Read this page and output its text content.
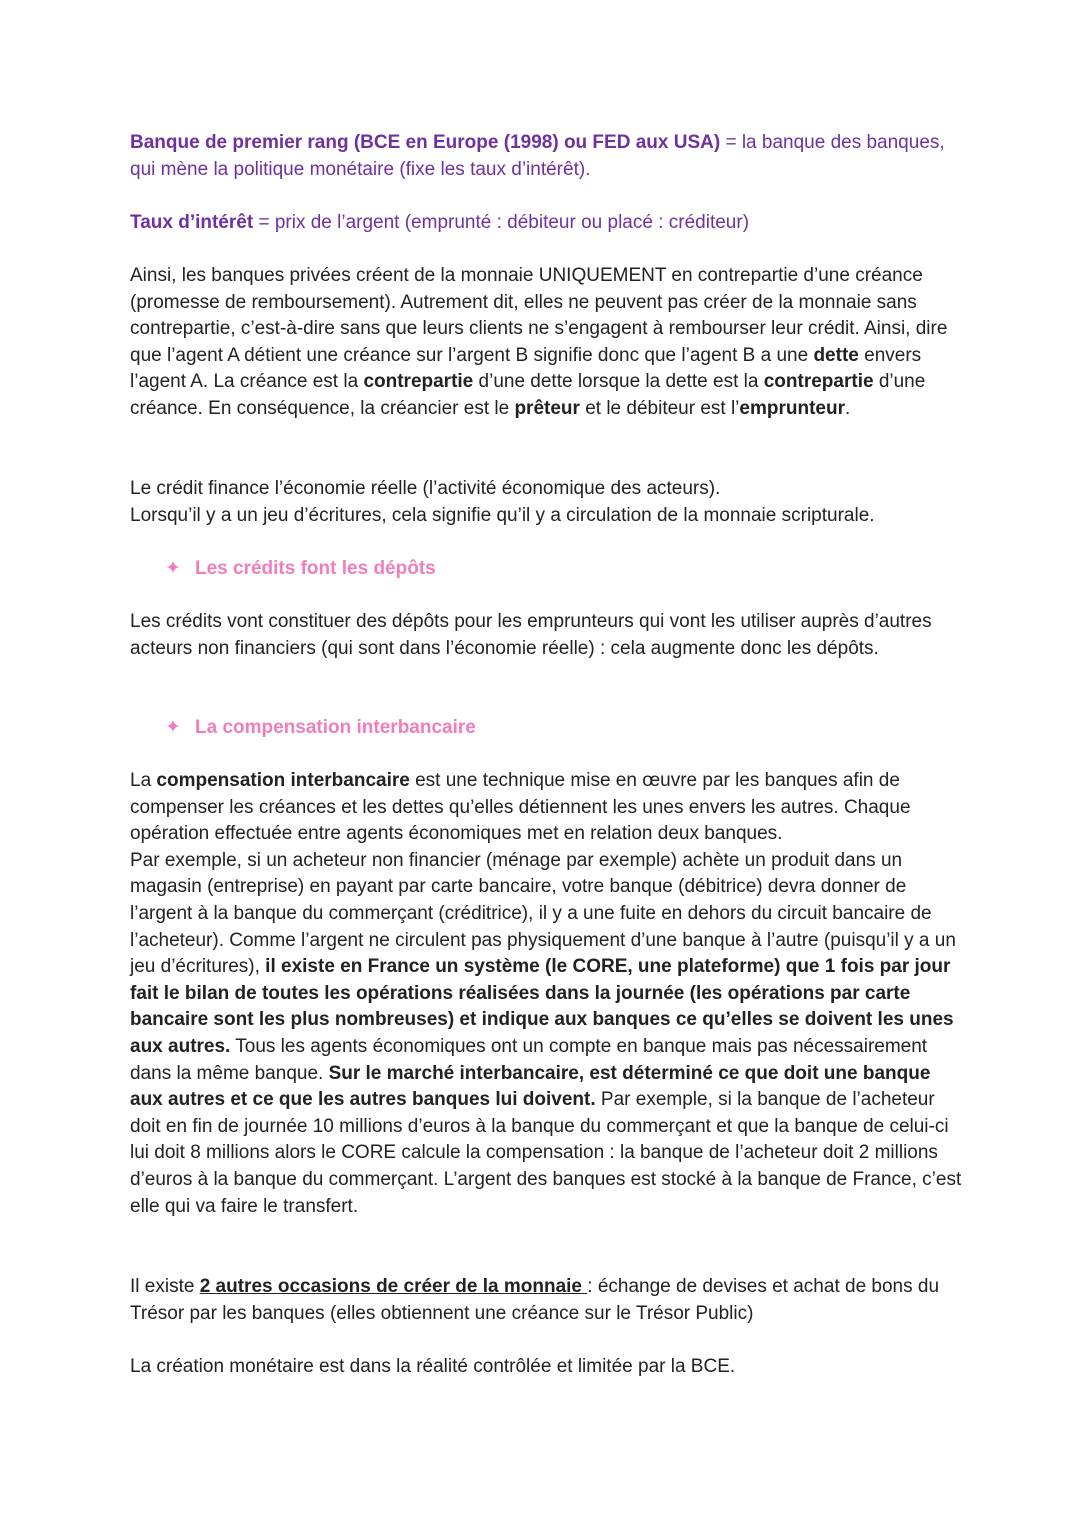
Banque de premier rang (BCE en Europe (1998) ou FED aux USA) = la banque des banques, qui mène la politique monétaire (fixe les taux d’intérêt).

Taux d’intérêt = prix de l’argent (emprunté : débiteur ou placé : créditeur)

Ainsi, les banques privées créent de la monnaie UNIQUEMENT en contrepartie d’une créance (promesse de remboursement). Autrement dit, elles ne peuvent pas créer de la monnaie sans contrepartie, c’est-à-dire sans que leurs clients ne s’engagent à rembourser leur crédit. Ainsi, dire que l’agent A détient une créance sur l’argent B signifie donc que l’agent B a une dette envers l’agent A. La créance est la contrepartie d’une dette lorsque la dette est la contrepartie d’une créance. En conséquence, la créancier est le prêteur et le débiteur est l’emprunteur.

Le crédit finance l’économie réelle (l’activité économique des acteurs).
Lorsqu’il y a un jeu d’écritures, cela signifie qu’il y a circulation de la monnaie scripturale.

✦ Les crédits font les dépôts

Les crédits vont constituer des dépôts pour les emprunteurs qui vont les utiliser auprès d’autres acteurs non financiers (qui sont dans l’économie réelle) : cela augmente donc les dépôts.

✦ La compensation interbancaire

La compensation interbancaire est une technique mise en œuvre par les banques afin de compenser les créances et les dettes qu’elles détiennent les unes envers les autres. Chaque opération effectuée entre agents économiques met en relation deux banques.
Par exemple, si un acheteur non financier (ménage par exemple) achète un produit dans un magasin (entreprise) en payant par carte bancaire, votre banque (débitrice) devra donner de l’argent à la banque du commerçant (créditrice), il y a une fuite en dehors du circuit bancaire de l’acheteur). Comme l’argent ne circulent pas physiquement d’une banque à l’autre (puisqu’il y a un jeu d’écritures), il existe en France un système (le CORE, une plateforme) que 1 fois par jour fait le bilan de toutes les opérations réalisées dans la journée (les opérations par carte bancaire sont les plus nombreuses) et indique aux banques ce qu’elles se doivent les unes aux autres. Tous les agents économiques ont un compte en banque mais pas nécessairement dans la même banque. Sur le marché interbancaire, est déterminé ce que doit une banque aux autres et ce que les autres banques lui doivent. Par exemple, si la banque de l’acheteur doit en fin de journée 10 millions d’euros à la banque du commerçant et que la banque de celui-ci lui doit 8 millions alors le CORE calcule la compensation : la banque de l’acheteur doit 2 millions d’euros à la banque du commerçant. L’argent des banques est stocké à la banque de France, c’est elle qui va faire le transfert.

Il existe 2 autres occasions de créer de la monnaie : échange de devises et achat de bons du Trésor par les banques (elles obtiennent une créance sur le Trésor Public)

La création monétaire est dans la réalité contrôlée et limitée par la BCE.
